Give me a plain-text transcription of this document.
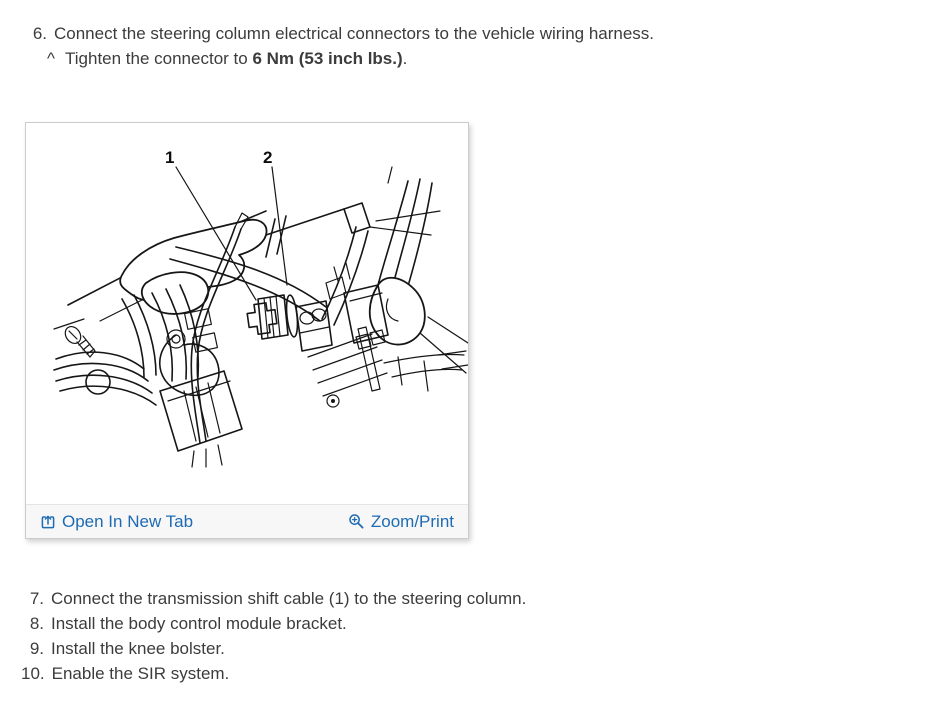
6. Connect the steering column electrical connectors to the vehicle wiring harness.
^ Tighten the connector to 6 Nm (53 inch lbs.).
1	2
Open In New Tab	Zoom/Print
7. Connect the transmission shift cable (1) to the steering column.
8. Install the body control module bracket.
9. Install the knee bolster.
10. Enable the SIR system.
